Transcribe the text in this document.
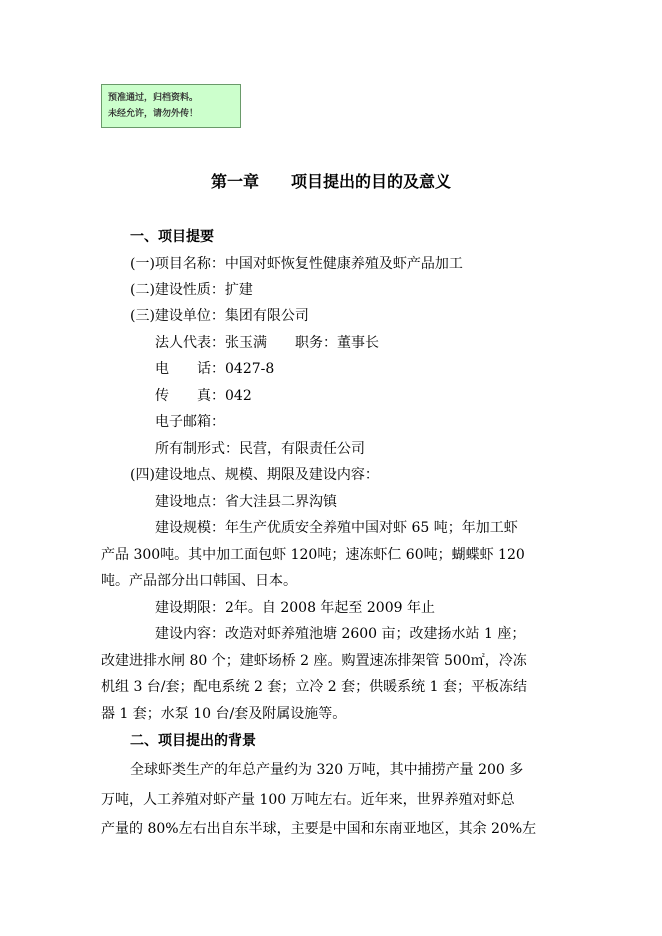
预准通过，归档资料。
未经允许，请勿外传！
第一章　　项目提出的目的及意义
一、项目提要
(一)项目名称：中国对虾恢复性健康养殖及虾产品加工
(二)建设性质：扩建
(三)建设单位：集团有限公司
法人代表：张玉满　　职务：董事长
电　　话：0427-8
传　　真：042
电子邮箱：
所有制形式：民营，有限责任公司
(四)建设地点、规模、期限及建设内容：
建设地点：省大洼县二界沟镇
建设规模：年生产优质安全养殖中国对虾 65 吨；年加工虾
产品 300吨。其中加工面包虾 120吨；速冻虾仁 60吨；蝴蝶虾 120
吨。产品部分出口韩国、日本。
建设期限：2年。自 2008 年起至 2009 年止
建设内容：改造对虾养殖池塘 2600 亩；改建扬水站 1 座；
改建进排水闸 80 个；建虾场桥 2 座。购置速冻排架管 500㎡，冷冻
机组 3 台/套；配电系统 2 套；立冷 2 套；供暖系统 1 套；平板冻结
器 1 套；水泵 10 台/套及附属设施等。
二、项目提出的背景
全球虾类生产的年总产量约为 320 万吨，其中捕捞产量 200 多
万吨，人工养殖对虾产量 100 万吨左右。近年来，世界养殖对虾总
产量的 80%左右出自东半球，主要是中国和东南亚地区，其余 20%左
